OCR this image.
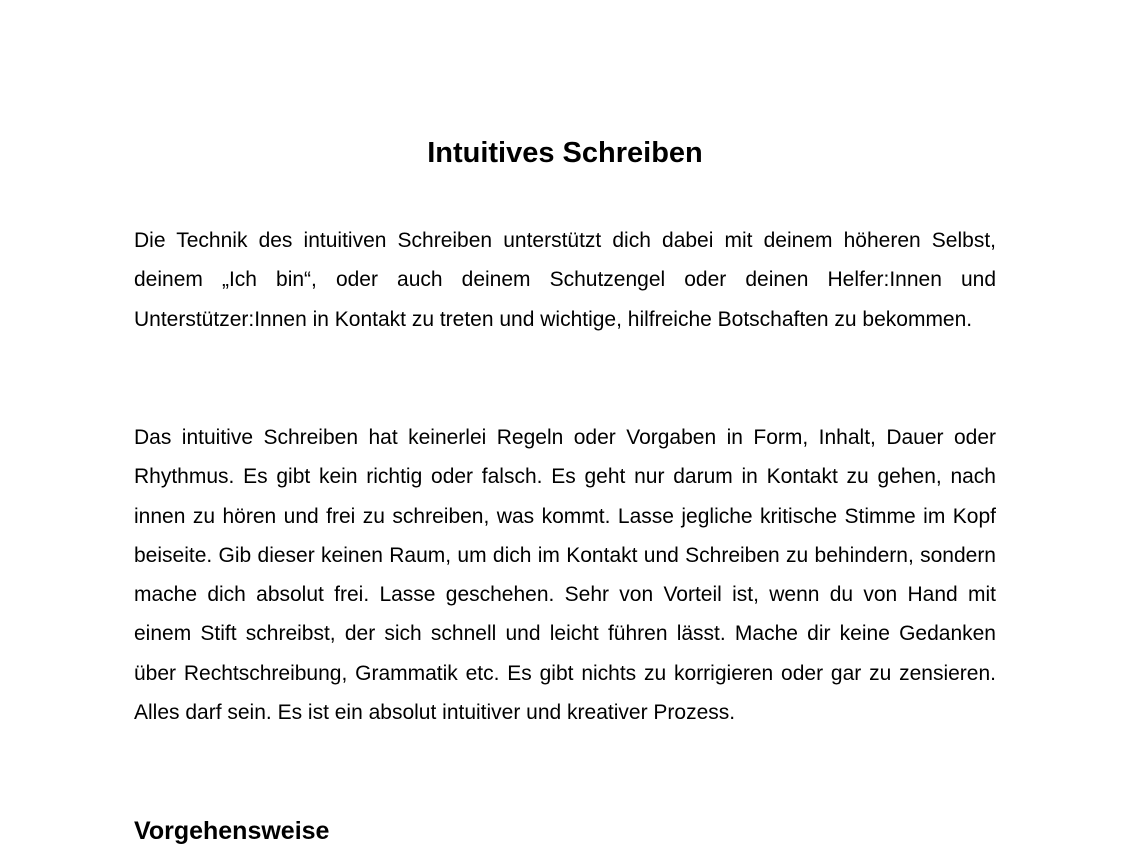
Intuitives Schreiben

Die Technik des intuitiven Schreiben unterstützt dich dabei mit deinem höheren Selbst, deinem „Ich bin“, oder auch deinem Schutzengel oder deinen Helfer:Innen und Unterstützer:Innen in Kontakt zu treten und wichtige, hilfreiche Botschaften zu bekommen.

Das intuitive Schreiben hat keinerlei Regeln oder Vorgaben in Form, Inhalt, Dauer oder Rhythmus. Es gibt kein richtig oder falsch. Es geht nur darum in Kontakt zu gehen, nach innen zu hören und frei zu schreiben, was kommt. Lasse jegliche kritische Stimme im Kopf beiseite. Gib dieser keinen Raum, um dich im Kontakt und Schreiben zu behindern, sondern mache dich absolut frei. Lasse geschehen. Sehr von Vorteil ist, wenn du von Hand mit einem Stift schreibst, der sich schnell und leicht führen lässt. Mache dir keine Gedanken über Rechtschreibung, Grammatik etc. Es gibt nichts zu korrigieren oder gar zu zensieren. Alles darf sein. Es ist ein absolut intuitiver und kreativer Prozess.

Vorgehensweise
